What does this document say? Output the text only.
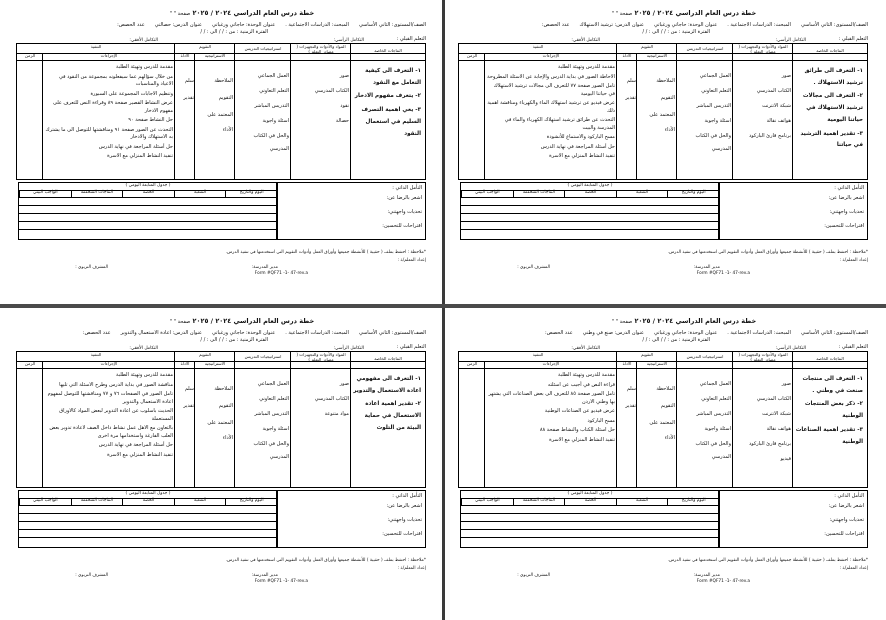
خطة درس العام الدراسي ٢٠٢٤ / ٢٠٢٥ صفحة " "
الصف/المستوى: الثاني الأساسي
المبحث: الدراسات الاجتماعية .
عنوان الوحدة: حاجاتي ورغباتي
عنوان الدرس: ترشيد الاستهلاك
عدد الحصص:
الفترة الزمنية : من : / / الى : / /
التعلم القبلي :
النتاجات الخاصة
المواد والأدوات والتجهيزات ( مصادر التعلم )
استراتيجيات التدريس
التقويم
الاستراتيجية
الأداة
التنفيذ
الإجراءات
الزمن

١- التعرف الى طرائق ترشيد الاستهلاك .

٢- التعرف الى مجالات ترشيد الاستهلاك في حياتنا اليومية

٣- تقدير اهمية الترشيد في حياتنا

صور

الكتاب المدرسي

شبكة الانترنت

هواتف نقالة

برنامج قارئ الباركود

العمل الجماعي

التعلم التعاوني

التدريس المباشر

اسئلة واجوبة

والحل في الكتاب المدرسي

الملاحظة

التقويم

المعتمد على الأداء

سلم

تقدير

مقدمة للدرس وتهيئة الطلبة

الاحاطة الصور في بداية الدرس والإجابة عن الاسئلة المطروحة

تامل الصور صفحة ٧٧ للتعرف الى مجالات ترشيد الاستهلاك في حياتنا اليومية

عرض فيديو عن ترشيد استهلاك الماء والكهرباء ومناقشة اهمية ذلك

التحدث عن طرائق ترشيد استهلاك الكهرباء والماء في المدرسة والبيت

مسح الباركود والاستماع للأنشودة

حل أسئلة المراجعة في نهاية الدرس

تنفيذ النشاط المنزلي مع الاسرة

التكامل الرأسي:
التكامل الأفقي:
التأمل الذاتي :
اشعر بالرضا عن:
تحديات واجهتني:
اقتراحات للتحسين:
( جدول المتابعة اليومي )
اليوم والتاريخ
الشعبة
الحصة
النتاجات المتحققة
الواجب البيتي
*ملاحظة : احتفظ بملف ( حقيبة ) للأنشطة جميعها وأوراق العمل وأدوات التقويم التي استخدمتها في تنفيذ الدرس.
إعداد المعلم/ة :
مدير المدرسة:
المشرف التربوي :
Form #QF71 -1- 47-rev.a
خطة درس العام الدراسي ٢٠٢٤ / ٢٠٢٥ صفحة " "
الصف/المستوى: الثاني الأساسي
المبحث: الدراسات الاجتماعية .
عنوان الوحدة: حاجاتي ورغباتي
عنوان الدرس: حصالتي
عدد الحصص:
الفترة الزمنية : من : / / الى : / /
التعلم القبلي :
النتاجات الخاصة
المواد والأدوات والتجهيزات ( مصادر التعلم )
استراتيجيات التدريس
التقويم
الاستراتيجية
الأداة
التنفيذ
الإجراءات
الزمن

١- التعرف الى كيفية التعامل مع النقود

٢- يتعرف مفهوم الادخار

٣- يعي اهمية التصرف السليم في استعمال النقود

صور

الكتاب المدرسي

نقود

حصالة

العمل الجماعي

التعلم التعاوني

التدريس المباشر

اسئلة واجوبة

والحل في الكتاب المدرسي

الملاحظة

التقويم

المعتمد على الأداء

سلم

تقدير

مقدمة للدرس وتهيئة الطلبة

من خلال سؤالهم عما سيفعلونه بمجموعة من النقود في الاعياد والمناسبات

وتنظيم الاجابات المجموعة على السبورة

عرض النشاط القصير صفحة ٨٩ وقراءة النص للتعرف على مفهوم الادخار

حل النشاط صفحة ٩٠

التحدث عن الصور صفحة ٩١ ومناقشتها للتوصل الى ما يشترك به الاستهلاك والادخار

حل أسئلة المراجعة في نهاية الدرس

تنفيذ النشاط المنزلي مع الاسرة

التكامل الرأسي:
التكامل الأفقي:
التأمل الذاتي :
اشعر بالرضا عن:
تحديات واجهتني:
اقتراحات للتحسين:
( جدول المتابعة اليومي )
اليوم والتاريخ
الشعبة
الحصة
النتاجات المتحققة
الواجب البيتي
*ملاحظة : احتفظ بملف ( حقيبة ) للأنشطة جميعها وأوراق العمل وأدوات التقويم التي استخدمتها في تنفيذ الدرس.
إعداد المعلم/ة :
مدير المدرسة:
المشرف التربوي :
Form #QF71 -1- 47-rev.a
خطة درس العام الدراسي ٢٠٢٤ / ٢٠٢٥ صفحة " "
الصف/المستوى: الثاني الأساسي
المبحث: الدراسات الاجتماعية .
عنوان الوحدة: حاجاتي ورغباتي
عنوان الدرس: صنع في وطني
عدد الحصص:
الفترة الزمنية : من : / / الى : / /
التعلم القبلي :
النتاجات الخاصة
المواد والأدوات والتجهيزات ( مصادر التعلم )
استراتيجيات التدريس
التقويم
الاستراتيجية
الأداة
التنفيذ
الإجراءات
الزمن

١- التعرف الى منتجات صنعت في وطني .

٢- ذكر بعض المنتجات الوطنية

٣- تقدير اهمية الصناعات الوطنية

صور

الكتاب المدرسي

شبكة الانترنت

هواتف نقالة

برنامج قارئ الباركود

فيديو

العمل الجماعي

التعلم التعاوني

التدريس المباشر

اسئلة واجوبة

والحل في الكتاب المدرسي

الملاحظة

التقويم

المعتمد على الأداء

سلم

تقدير

مقدمة للدرس وتهيئة الطلبة

قراءة النص في أجيب عن اسئلته

تامل الصور صفحة ٨٥ للتعرف الى بعض الصناعات التي يشتهر بها وطني الاردن

عرض فيديو عن الصناعات الوطنية

مسح الباركود

حل اسئلة الكتاب والنشاط صفحة ٨٨

تنفيذ النشاط المنزلي مع الاسرة

التكامل الرأسي:
التكامل الأفقي:
التأمل الذاتي :
اشعر بالرضا عن:
تحديات واجهتني:
اقتراحات للتحسين:
( جدول المتابعة اليومي )
اليوم والتاريخ
الشعبة
الحصة
النتاجات المتحققة
الواجب البيتي
*ملاحظة : احتفظ بملف ( حقيبة ) للأنشطة جميعها وأوراق العمل وأدوات التقويم التي استخدمتها في تنفيذ الدرس.
إعداد المعلم/ة :
مدير المدرسة:
المشرف التربوي :
Form #QF71 -1- 47-rev.a
خطة درس العام الدراسي ٢٠٢٤ / ٢٠٢٥ صفحة " "
الصف/المستوى: الثاني الأساسي
المبحث: الدراسات الاجتماعية .
عنوان الوحدة: حاجاتي ورغباتي
عنوان الدرس: اعادة الاستعمال والتدوير
عدد الحصص:
الفترة الزمنية : من : / / الى : / /
التعلم القبلي :
النتاجات الخاصة
المواد والأدوات والتجهيزات ( مصادر التعلم )
استراتيجيات التدريس
التقويم
الاستراتيجية
الأداة
التنفيذ
الإجراءات
الزمن

١- التعرف الى مفهومي اعادة الاستعمال والتدوير

٢- تقدير اهمية اعادة الاستعمال في حماية البيئة من التلوث

صور

الكتاب المدرسي

مواد متنوعة

العمل الجماعي

التعلم التعاوني

التدريس المباشر

اسئلة واجوبة

والحل في الكتاب المدرسي

الملاحظة

التقويم

المعتمد على الأداء

سلم

تقدير

مقدمة للدرس وتهيئة الطلبة

مناقشة الصور في بداية الدرس وطرح الاسئلة التي تليها

تامل الصور في الصفحات ٧٦ و ٧٧ ومناقشتها للتوصل لمفهوم اعادة الاستعمال والتدوير

الحديث باسلوب عن اعادة التدوير لبعض المواد كالاوراق المستعملة

بالتعاون مع الاهل عمل نشاط داخل الصف لاعادة تدوير بعض العلب الفارغة واستخدامها مرة اخرى

حل أسئلة المراجعة في نهاية الدرس

تنفيذ النشاط المنزلي مع الاسرة

التكامل الرأسي:
التكامل الأفقي:
التأمل الذاتي :
اشعر بالرضا عن:
تحديات واجهتني:
اقتراحات للتحسين:
( جدول المتابعة اليومي )
اليوم والتاريخ
الشعبة
الحصة
النتاجات المتحققة
الواجب البيتي
*ملاحظة : احتفظ بملف ( حقيبة ) للأنشطة جميعها وأوراق العمل وأدوات التقويم التي استخدمتها في تنفيذ الدرس.
إعداد المعلم/ة :
مدير المدرسة:
المشرف التربوي :
Form #QF71 -1- 47-rev.a
